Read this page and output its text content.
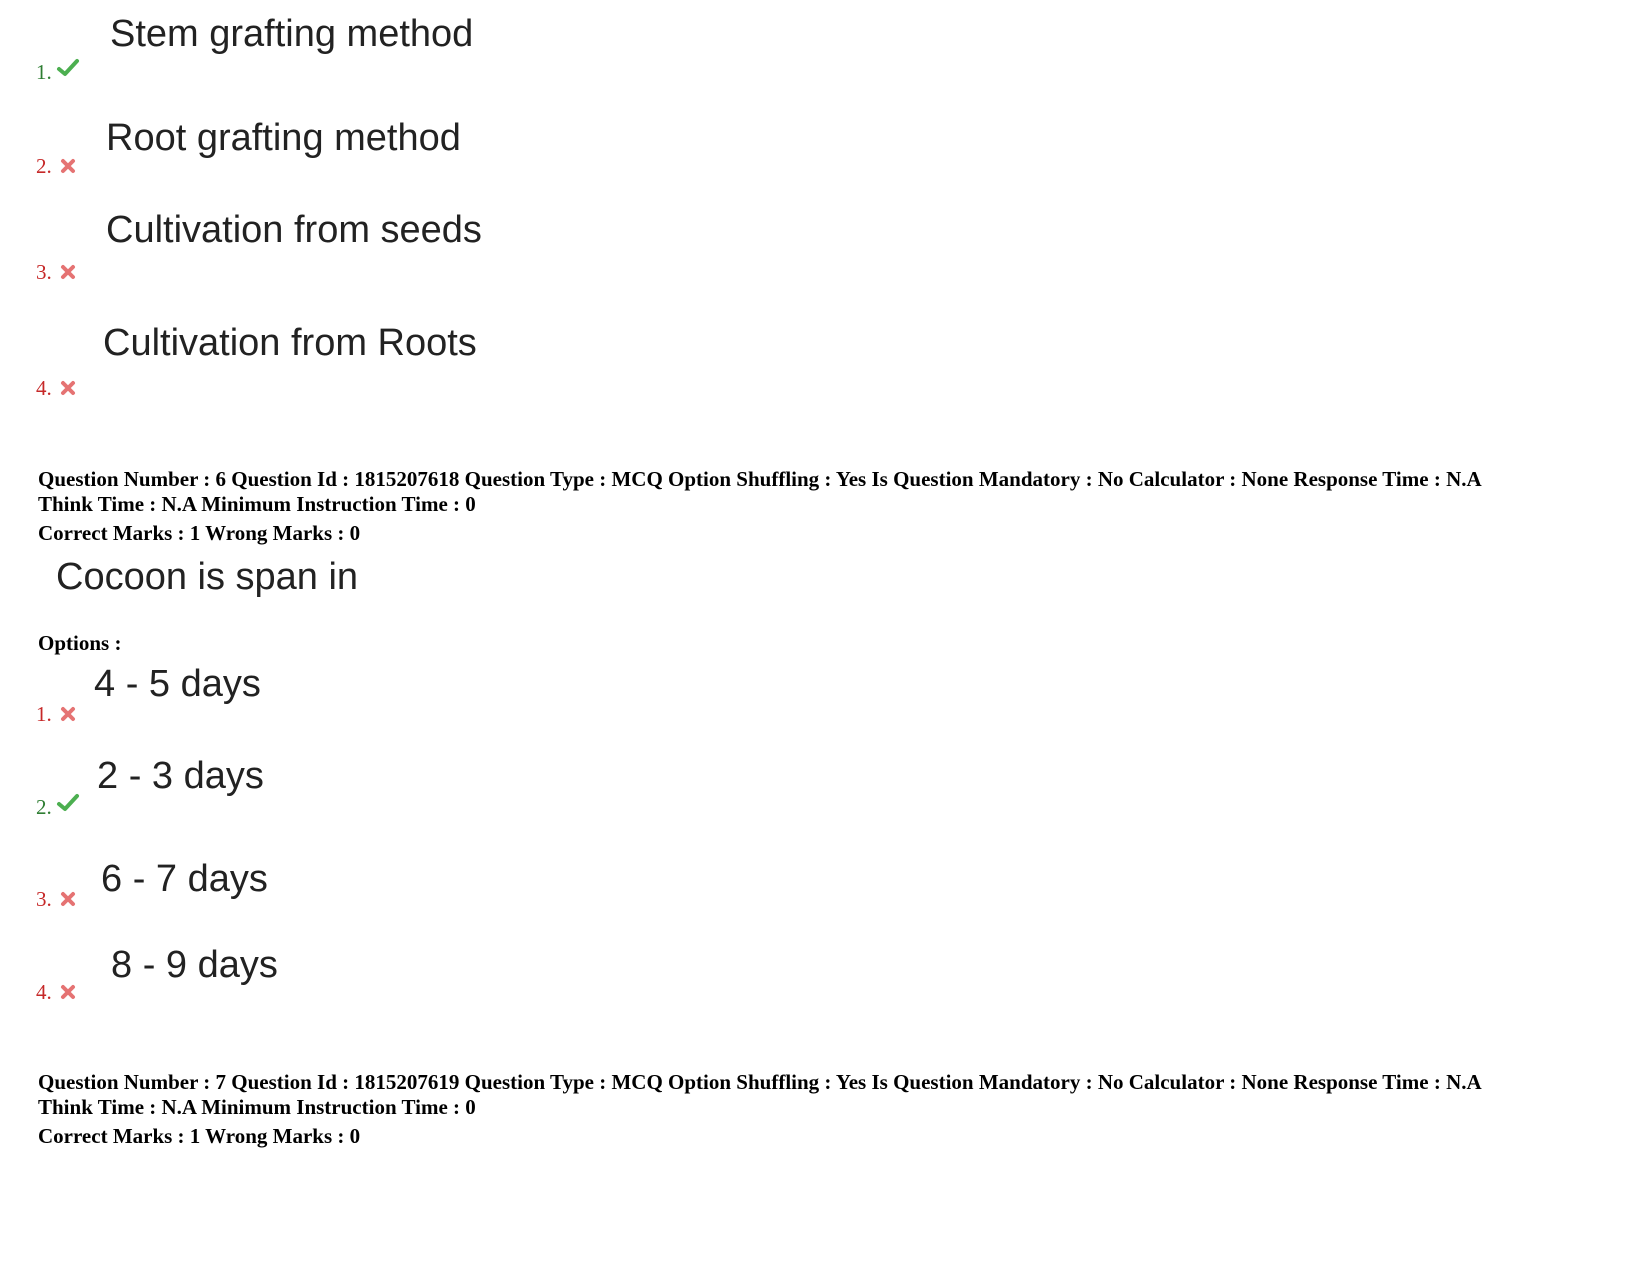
1.
Stem grafting method
2.
Root grafting method
3.
Cultivation from seeds
4.
Cultivation from Roots
Question Number : 6 Question Id : 1815207618 Question Type : MCQ Option Shuffling : Yes Is Question Mandatory : No Calculator : None Response Time : N.A
Think Time : N.A Minimum Instruction Time : 0
Correct Marks : 1 Wrong Marks : 0
Cocoon is span in
Options :
1.
4 - 5 days
2.
2 - 3 days
3. 6 - 7 days
4.
8 - 9 days
Question Number : 7 Question Id : 1815207619 Question Type : MCQ Option Shuffling : Yes Is Question Mandatory : No Calculator : None Response Time : N.A
Think Time : N.A Minimum Instruction Time : 0
Correct Marks : 1 Wrong Marks : 0
